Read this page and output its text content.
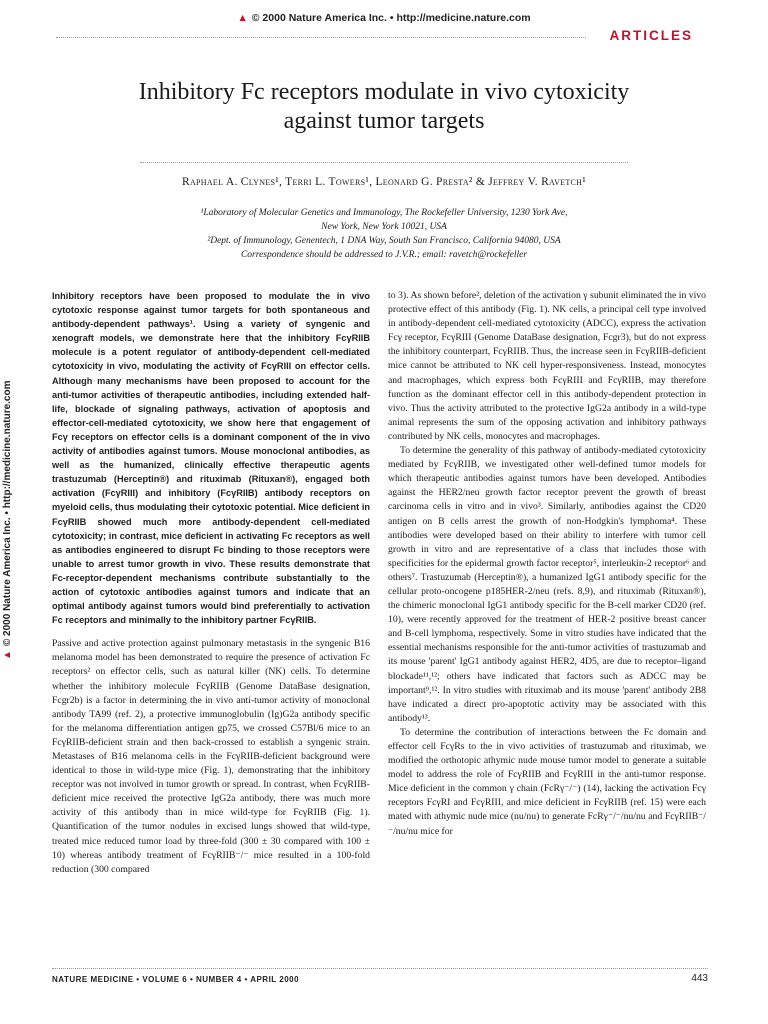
▲ © 2000 Nature America Inc. • http://medicine.nature.com
ARTICLES
Inhibitory Fc receptors modulate in vivo cytoxicity
against tumor targets
Raphael A. Clynes¹, Terri L. Towers¹, Leonard G. Presta² & Jeffrey V. Ravetch¹
¹Laboratory of Molecular Genetics and Immunology, The Rockefeller University, 1230 York Ave,
New York, New York 10021, USA
²Dept. of Immunology, Genentech, 1 DNA Way, South San Francisco, California 94080, USA
Correspondence should be addressed to J.V.R.; email: ravetch@rockefeller
▲© 2000 Nature America Inc. • http://medicine.nature.com

Inhibitory receptors have been proposed to modulate the in vivo cytotoxic response against tumor targets for both spontaneous and antibody-dependent pathways¹. Using a variety of syngenic and xenograft models, we demonstrate here that the inhibitory FcγRIIB molecule is a potent regulator of antibody-dependent cell-mediated cytotoxicity in vivo, modulating the activity of FcγRIII on effector cells. Although many mechanisms have been proposed to account for the anti-tumor activities of therapeutic antibodies, including extended half-life, blockade of signaling pathways, activation of apoptosis and effector-cell-mediated cytotoxicity, we show here that engagement of Fcγ receptors on effector cells is a dominant component of the in vivo activity of antibodies against tumors. Mouse monoclonal antibodies, as well as the humanized, clinically effective therapeutic agents trastuzumab (Herceptin®) and rituximab (Rituxan®), engaged both activation (FcγRIII) and inhibitory (FcγRIIB) antibody receptors on myeloid cells, thus modulating their cytotoxic potential. Mice deficient in FcγRIIB showed much more antibody-dependent cell-mediated cytotoxicity; in contrast, mice deficient in activating Fc receptors as well as antibodies engineered to disrupt Fc binding to those receptors were unable to arrest tumor growth in vivo. These results demonstrate that Fc-receptor-dependent mechanisms contribute substantially to the action of cytotoxic antibodies against tumors and indicate that an optimal antibody against tumors would bind preferentially to activation Fc receptors and minimally to the inhibitory partner FcγRIIB.

Passive and active protection against pulmonary metastasis in the syngenic B16 melanoma model has been demonstrated to require the presence of activation Fc receptors² on effector cells, such as natural killer (NK) cells. To determine whether the inhibitory molecule FcγRIIB (Genome DataBase designation, Fcgr2b) is a factor in determining the in vivo anti-tumor activity of monoclonal antibody TA99 (ref. 2), a protective immunoglobulin (Ig)G2a antibody specific for the melanoma differentiation antigen gp75, we crossed C57Bl/6 mice to an FcγRIIB-deficient strain and then back-crossed to establish a syngenic strain. Metastases of B16 melanoma cells in the FcγRIIB-deficient background were identical to those in wild-type mice (Fig. 1), demonstrating that the inhibitory receptor was not involved in tumor growth or spread. In contrast, when FcγRIIB-deficient mice received the protective IgG2a antibody, there was much more activity of this antibody than in mice wild-type for FcγRIIB (Fig. 1). Quantification of the tumor nodules in excised lungs showed that wild-type, treated mice reduced tumor load by three-fold (300 ± 30 compared with 100 ± 10) whereas antibody treatment of FcγRIIB⁻/⁻ mice resulted in a 100-fold reduction (300 compared

to 3). As shown before², deletion of the activation γ subunit eliminated the in vivo protective effect of this antibody (Fig. 1). NK cells, a principal cell type involved in antibody-dependent cell-mediated cytotoxicity (ADCC), express the activation Fcγ receptor, FcγRIII (Genome DataBase designation, Fcgr3), but do not express the inhibitory counterpart, FcγRIIB. Thus, the increase seen in FcγRIIB-deficient mice cannot be attributed to NK cell hyper-responsiveness. Instead, monocytes and macrophages, which express both FcγRIII and FcγRIIB, may therefore function as the dominant effector cell in this antibody-dependent protection in vivo. Thus the activity attributed to the protective IgG2a antibody in a wild-type animal represents the sum of the opposing activation and inhibitory pathways contributed by NK cells, monocytes and macrophages.

To determine the generality of this pathway of antibody-mediated cytotoxicity mediated by FcγRIIB, we investigated other well-defined tumor models for which therapeutic antibodies against tumors have been developed. Antibodies against the HER2/neu growth factor receptor prevent the growth of breast carcinoma cells in vitro and in vivo³. Similarly, antibodies against the CD20 antigen on B cells arrest the growth of non-Hodgkin's lymphoma⁴. These antibodies were developed based on their ability to interfere with tumor cell growth in vitro and are representative of a class that includes those with specificities for the epidermal growth factor receptor⁵, interleukin-2 receptor⁶ and others⁷. Trastuzumab (Herceptin®), a humanized IgG1 antibody specific for the cellular proto-oncogene p185HER-2/neu (refs. 8,9), and rituximab (Rituxan®), the chimeric monoclonal IgG1 antibody specific for the B-cell marker CD20 (ref. 10), were recently approved for the treatment of HER-2 positive breast cancer and B-cell lymphoma, respectively. Some in vitro studies have indicated that the essential mechanisms responsible for the anti-tumor activities of trastuzumab and its mouse 'parent' IgG1 antibody against HER2, 4D5, are due to receptor–ligand blockade¹¹,¹²; others have indicated that factors such as ADCC may be important⁹,¹². In vitro studies with rituximab and its mouse 'parent' antibody 2B8 have indicated a direct pro-apoptotic activity may be associated with this antibody¹³.

To determine the contribution of interactions between the Fc domain and effector cell FcγRs to the in vivo activities of trastuzumab and rituximab, we modified the orthotopic athymic nude mouse tumor model to generate a suitable model to address the role of FcγRIIB and FcγRIII in the anti-tumor response. Mice deficient in the common γ chain (FcRγ⁻/⁻) (14), lacking the activation Fcγ receptors FcγRI and FcγRIII, and mice deficient in FcγRIIB (ref. 15) were each mated with athymic nude mice (nu/nu) to generate FcRγ⁻/⁻/nu/nu and FcγRIIB⁻/⁻/nu/nu mice for

NATURE MEDICINE • VOLUME 6 • NUMBER 4 • APRIL 2000	443
